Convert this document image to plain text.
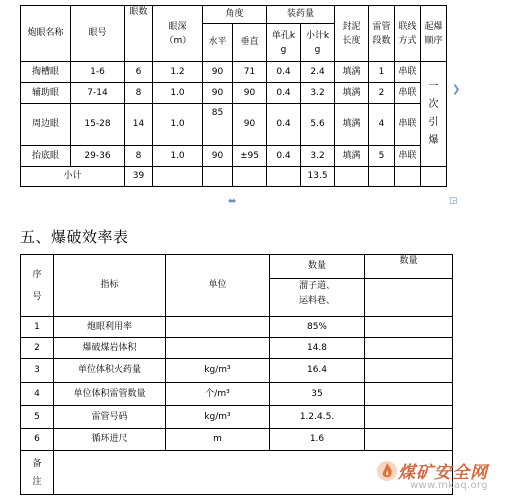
炮眼名称	眼号	眼数	眼深（m）	角度		装药量		封泥长度	雷管段数	联线方式	起爆顺序
				水平	垂直	单孔kg	小计kg				
掏槽眼	1-6	6	1.2	90	71	0.4	2.4	填满	1	串联	一次引爆
辅助眼	7-14	8	1.0	90	90	0.4	3.2	填满	2	串联	
周边眼	15-28	14	1.0	85	90	0.4	5.6	填满	4	串联	
抬底眼	29-36	8	1.0	90	±95	0.4	3.2	填满	5	串联	
小计		39					13.5				
❯
⬌	◲
五、爆破效率表
序号	指标	单位	数量	数量
			溜子道、运料巷、	
1	炮眼利用率		85%	
2	爆破煤岩体积		14.8	
3	单位体积火药量	kg/m³	16.4	
4	单位体积雷管数量	个/m³	35	
5	雷管号码	kg/m³	1.2.4.5.	
6	循环进尺	m	1.6	
备注					煤矿安全网
www.mkaq.org
